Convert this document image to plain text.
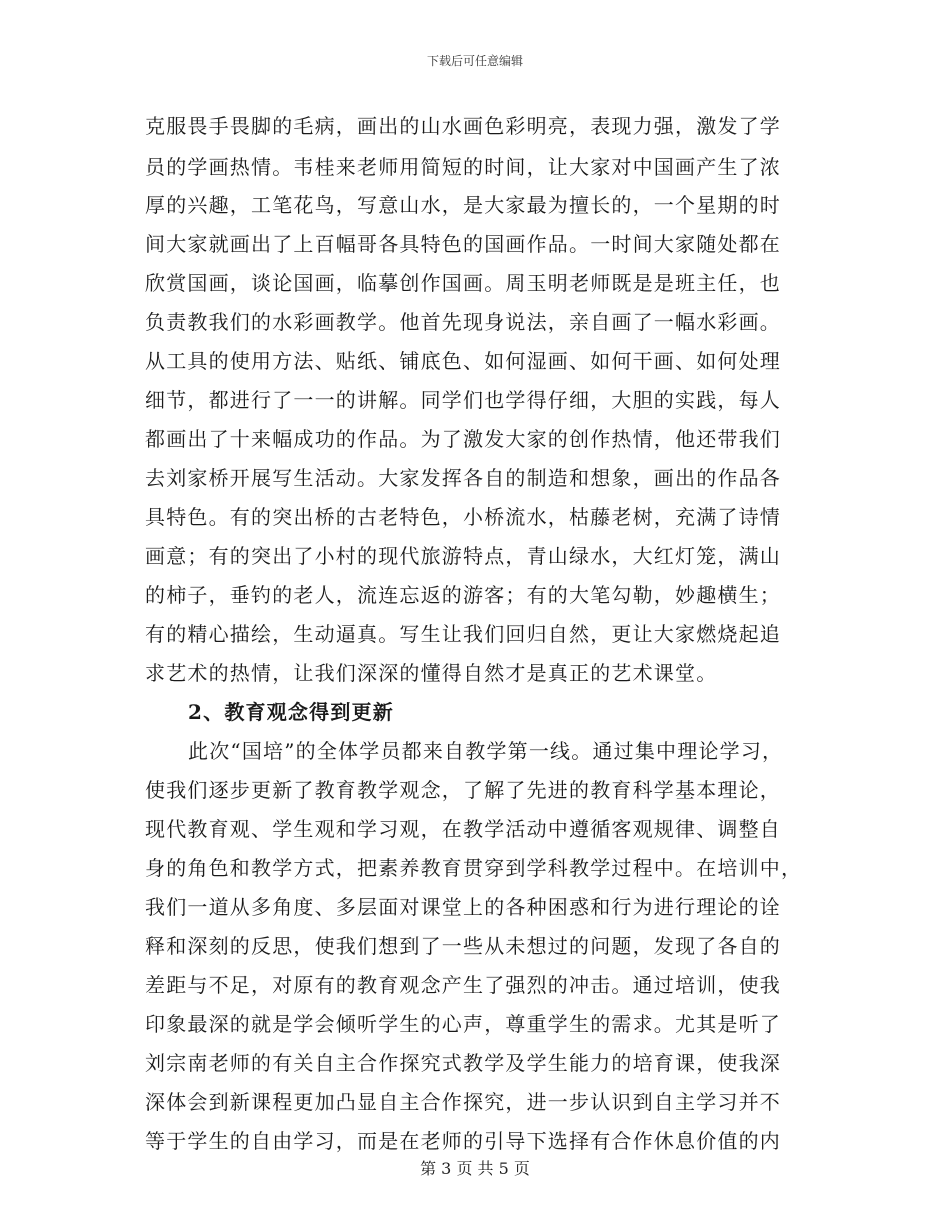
下载后可任意编辑
克服畏手畏脚的毛病，画出的山水画色彩明亮，表现力强，激发了学
员的学画热情。韦桂来老师用简短的时间，让大家对中国画产生了浓
厚的兴趣，工笔花鸟，写意山水，是大家最为擅长的，一个星期的时
间大家就画出了上百幅哥各具特色的国画作品。一时间大家随处都在
欣赏国画，谈论国画，临摹创作国画。周玉明老师既是是班主任，也
负责教我们的水彩画教学。他首先现身说法，亲自画了一幅水彩画。
从工具的使用方法、贴纸、铺底色、如何湿画、如何干画、如何处理
细节，都进行了一一的讲解。同学们也学得仔细，大胆的实践，每人
都画出了十来幅成功的作品。为了激发大家的创作热情，他还带我们
去刘家桥开展写生活动。大家发挥各自的制造和想象，画出的作品各
具特色。有的突出桥的古老特色，小桥流水，枯藤老树，充满了诗情
画意；有的突出了小村的现代旅游特点，青山绿水，大红灯笼，满山
的柿子，垂钓的老人，流连忘返的游客；有的大笔勾勒，妙趣横生；
有的精心描绘，生动逼真。写生让我们回归自然，更让大家燃烧起追
求艺术的热情，让我们深深的懂得自然才是真正的艺术课堂。
2、教育观念得到更新
此次“国培”的全体学员都来自教学第一线。通过集中理论学习，
使我们逐步更新了教育教学观念，了解了先进的教育科学基本理论，
现代教育观、学生观和学习观，在教学活动中遵循客观规律、调整自
身的角色和教学方式，把素养教育贯穿到学科教学过程中。在培训中，
我们一道从多角度、多层面对课堂上的各种困惑和行为进行理论的诠
释和深刻的反思，使我们想到了一些从未想过的问题，发现了各自的
差距与不足，对原有的教育观念产生了强烈的冲击。通过培训，使我
印象最深的就是学会倾听学生的心声，尊重学生的需求。尤其是听了
刘宗南老师的有关自主合作探究式教学及学生能力的培育课，使我深
深体会到新课程更加凸显自主合作探究，进一步认识到自主学习并不
等于学生的自由学习，而是在老师的引导下选择有合作休息价值的内
第 3 页 共 5 页
